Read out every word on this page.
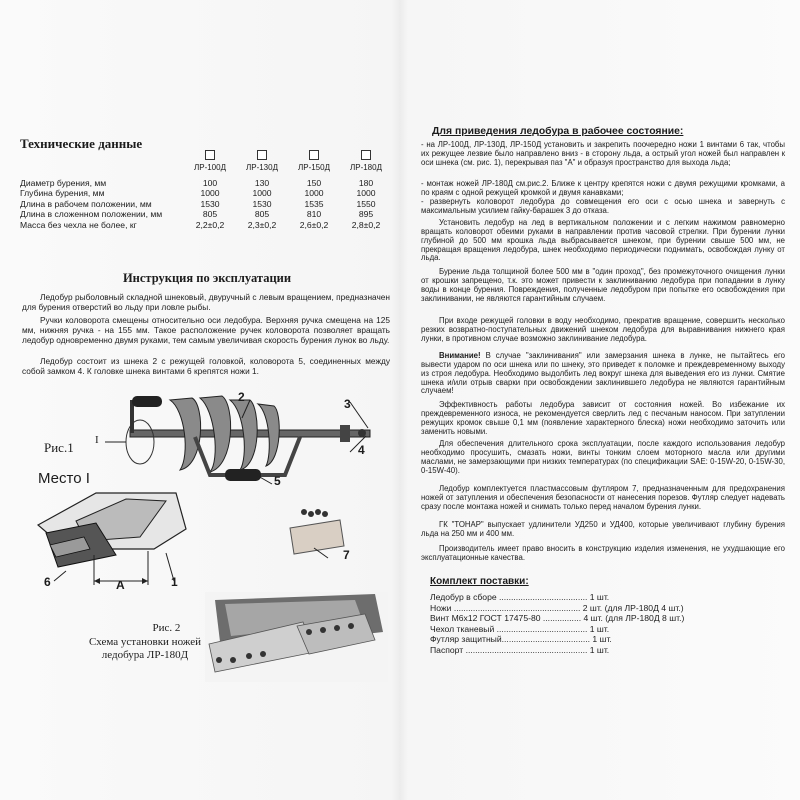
Технические данные

	ЛР-100Д	ЛР-130Д	ЛР-150Д	ЛР-180Д

Диаметр бурения, мм	100	130	150	180
Глубина бурения, мм	1000	1000	1000	1000
Длина в рабочем положении, мм	1530	1530	1535	1550
Длина в сложенном положении, мм	805	805	810	895
Масса без чехла не более, кг	2,2±0,2	2,3±0,2	2,6±0,2	2,8±0,2
Инструкция по эксплуатации
Ледобур рыболовный складной шнековый, двуручный с левым вращением, предназначен для бурения отверстий во льду при ловле рыбы.
Ручки коловорота смещены относительно оси ледобура. Верхняя ручка смещена на 125 мм, нижняя ручка - на 155 мм. Такое расположение ручек коловорота позволяет вращать ледобур одновременно двумя руками, тем самым увеличивая скорость бурения лунок во льду.
Ледобур состоит из шнека 2 с режущей головкой, коловорота 5, соединенных между собой замком 4. К головке шнека винтами 6 крепятся ножи 1.
2	3
4
5
I
Рис.1
Место I
6	A	1
7
Рис. 2
Схема установки ножей
ледобура ЛР-180Д
Для приведения ледобура в рабочее состояние:
- на ЛР-100Д, ЛР-130Д, ЛР-150Д установить и закрепить поочередно ножи 1 винтами 6 так, чтобы их режущее лезвие было направлено вниз - в сторону льда, а острый угол ножей был направлен к оси шнека (см. рис. 1), перекрывая паз "А" и образуя пространство для выхода льда;
- монтаж ножей ЛР-180Д см.рис.2. Ближе к центру крепятся ножи с двумя режущими кромками, а по краям с одной режущей кромкой и двумя канавками;
- развернуть коловорот ледобура до совмещения его оси с осью шнека и завернуть с максимальным усилием гайку-барашек 3 до отказа.
Установить ледобур на лед в вертикальном положении и с легким нажимом равномерно вращать коловорот обеими руками в направлении против часовой стрелки. При бурении лунки глубиной до 500 мм крошка льда выбрасывается шнеком, при бурении свыше 500 мм, не прекращая вращения ледобура, шнек необходимо периодически поднимать, освобождая лунку от льда.
Бурение льда толщиной более 500 мм в "один проход", без промежуточного очищения лунки от крошки запрещено, т.к. это может привести к заклиниванию ледобура при попадании в лунку воды в конце бурения. Повреждения, полученные ледобуром при попытке его освобождения при заклинивании, не являются гарантийным случаем.
При входе режущей головки в воду необходимо, прекратив вращение, совершить несколько резких возвратно-поступательных движений шнеком ледобура для выравнивания нижнего края лунки, в противном случае возможно заклинивание ледобура.
Внимание! В случае "заклинивания" или замерзания шнека в лунке, не пытайтесь его вывести ударом по оси шнека или по шнеку, это приведет к поломке и преждевременному выходу из строя ледобура. Необходимо выдолбить лед вокруг шнека для выведения его из лунки. Смятие шнека и/или отрыв сварки при освобождении заклинившего ледобура не являются гарантийным случаем!
Эффективность работы ледобура зависит от состояния ножей. Во избежание их преждевременного износа, не рекомендуется сверлить лед с песчаным наносом. При затуплении режущих кромок свыше 0,1 мм (появление характерного блеска) ножи необходимо заточить или заменить новыми.
Для обеспечения длительного срока эксплуатации, после каждого использования ледобур необходимо просушить, смазать ножи, винты тонким слоем моторного масла или другими маслами, не замерзающими при низких температурах (по спецификации SAE: 0-15W-20, 0-15W-30, 0-15W-40).
Ледобур комплектуется пластмассовым футляром 7, предназначенным для предохранения ножей от затупления и обеспечения безопасности от нанесения порезов. Футляр следует надевать сразу после монтажа ножей и снимать только перед началом бурения лунки.
ГК "ТОНАР" выпускает удлинители УД250 и УД400, которые увеличивают глубину бурения льда на 250 мм и 400 мм.
Производитель имеет право вносить в конструкцию изделия изменения, не ухудшающие его эксплуатационные качества.
Комплект поставки:
Ледобур в сборе ..................................... 1 шт.
Ножи ..................................................... 2 шт. (для ЛР-180Д 4 шт.)
Винт М6х12 ГОСТ 17475-80 ................ 4 шт. (для ЛР-180Д 8 шт.)
Чехол тканевый ...................................... 1 шт.
Футляр защитный..................................... 1 шт.
Паспорт ................................................... 1 шт.
